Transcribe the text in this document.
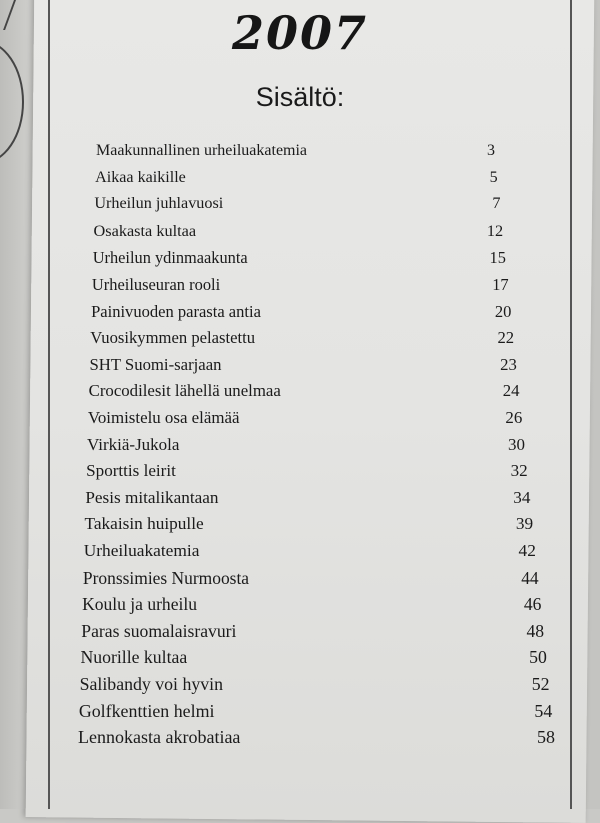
2007
Sisältö:
Maakunnallinen urheiluakatemia	3
Aikaa kaikille	5
Urheilun juhlavuosi	7
Osakasta kultaa	12
Urheilun ydinmaakunta	15
Urheiluseuran rooli	17
Painivuoden parasta antia	20
Vuosikymmen pelastettu	22
SHT Suomi-sarjaan	23
Crocodilesit lähellä unelmaa	24
Voimistelu osa elämää	26
Virkiä-Jukola	30
Sporttis leirit	32
Pesis mitalikantaan	34
Takaisin huipulle	39
Urheiluakatemia	42
Pronssimies Nurmoosta	44
Koulu ja urheilu	46
Paras suomalaisravuri	48
Nuorille kultaa	50
Salibandy voi hyvin	52
Golfkenttien helmi	54
Lennokasta akrobatiaa	58
